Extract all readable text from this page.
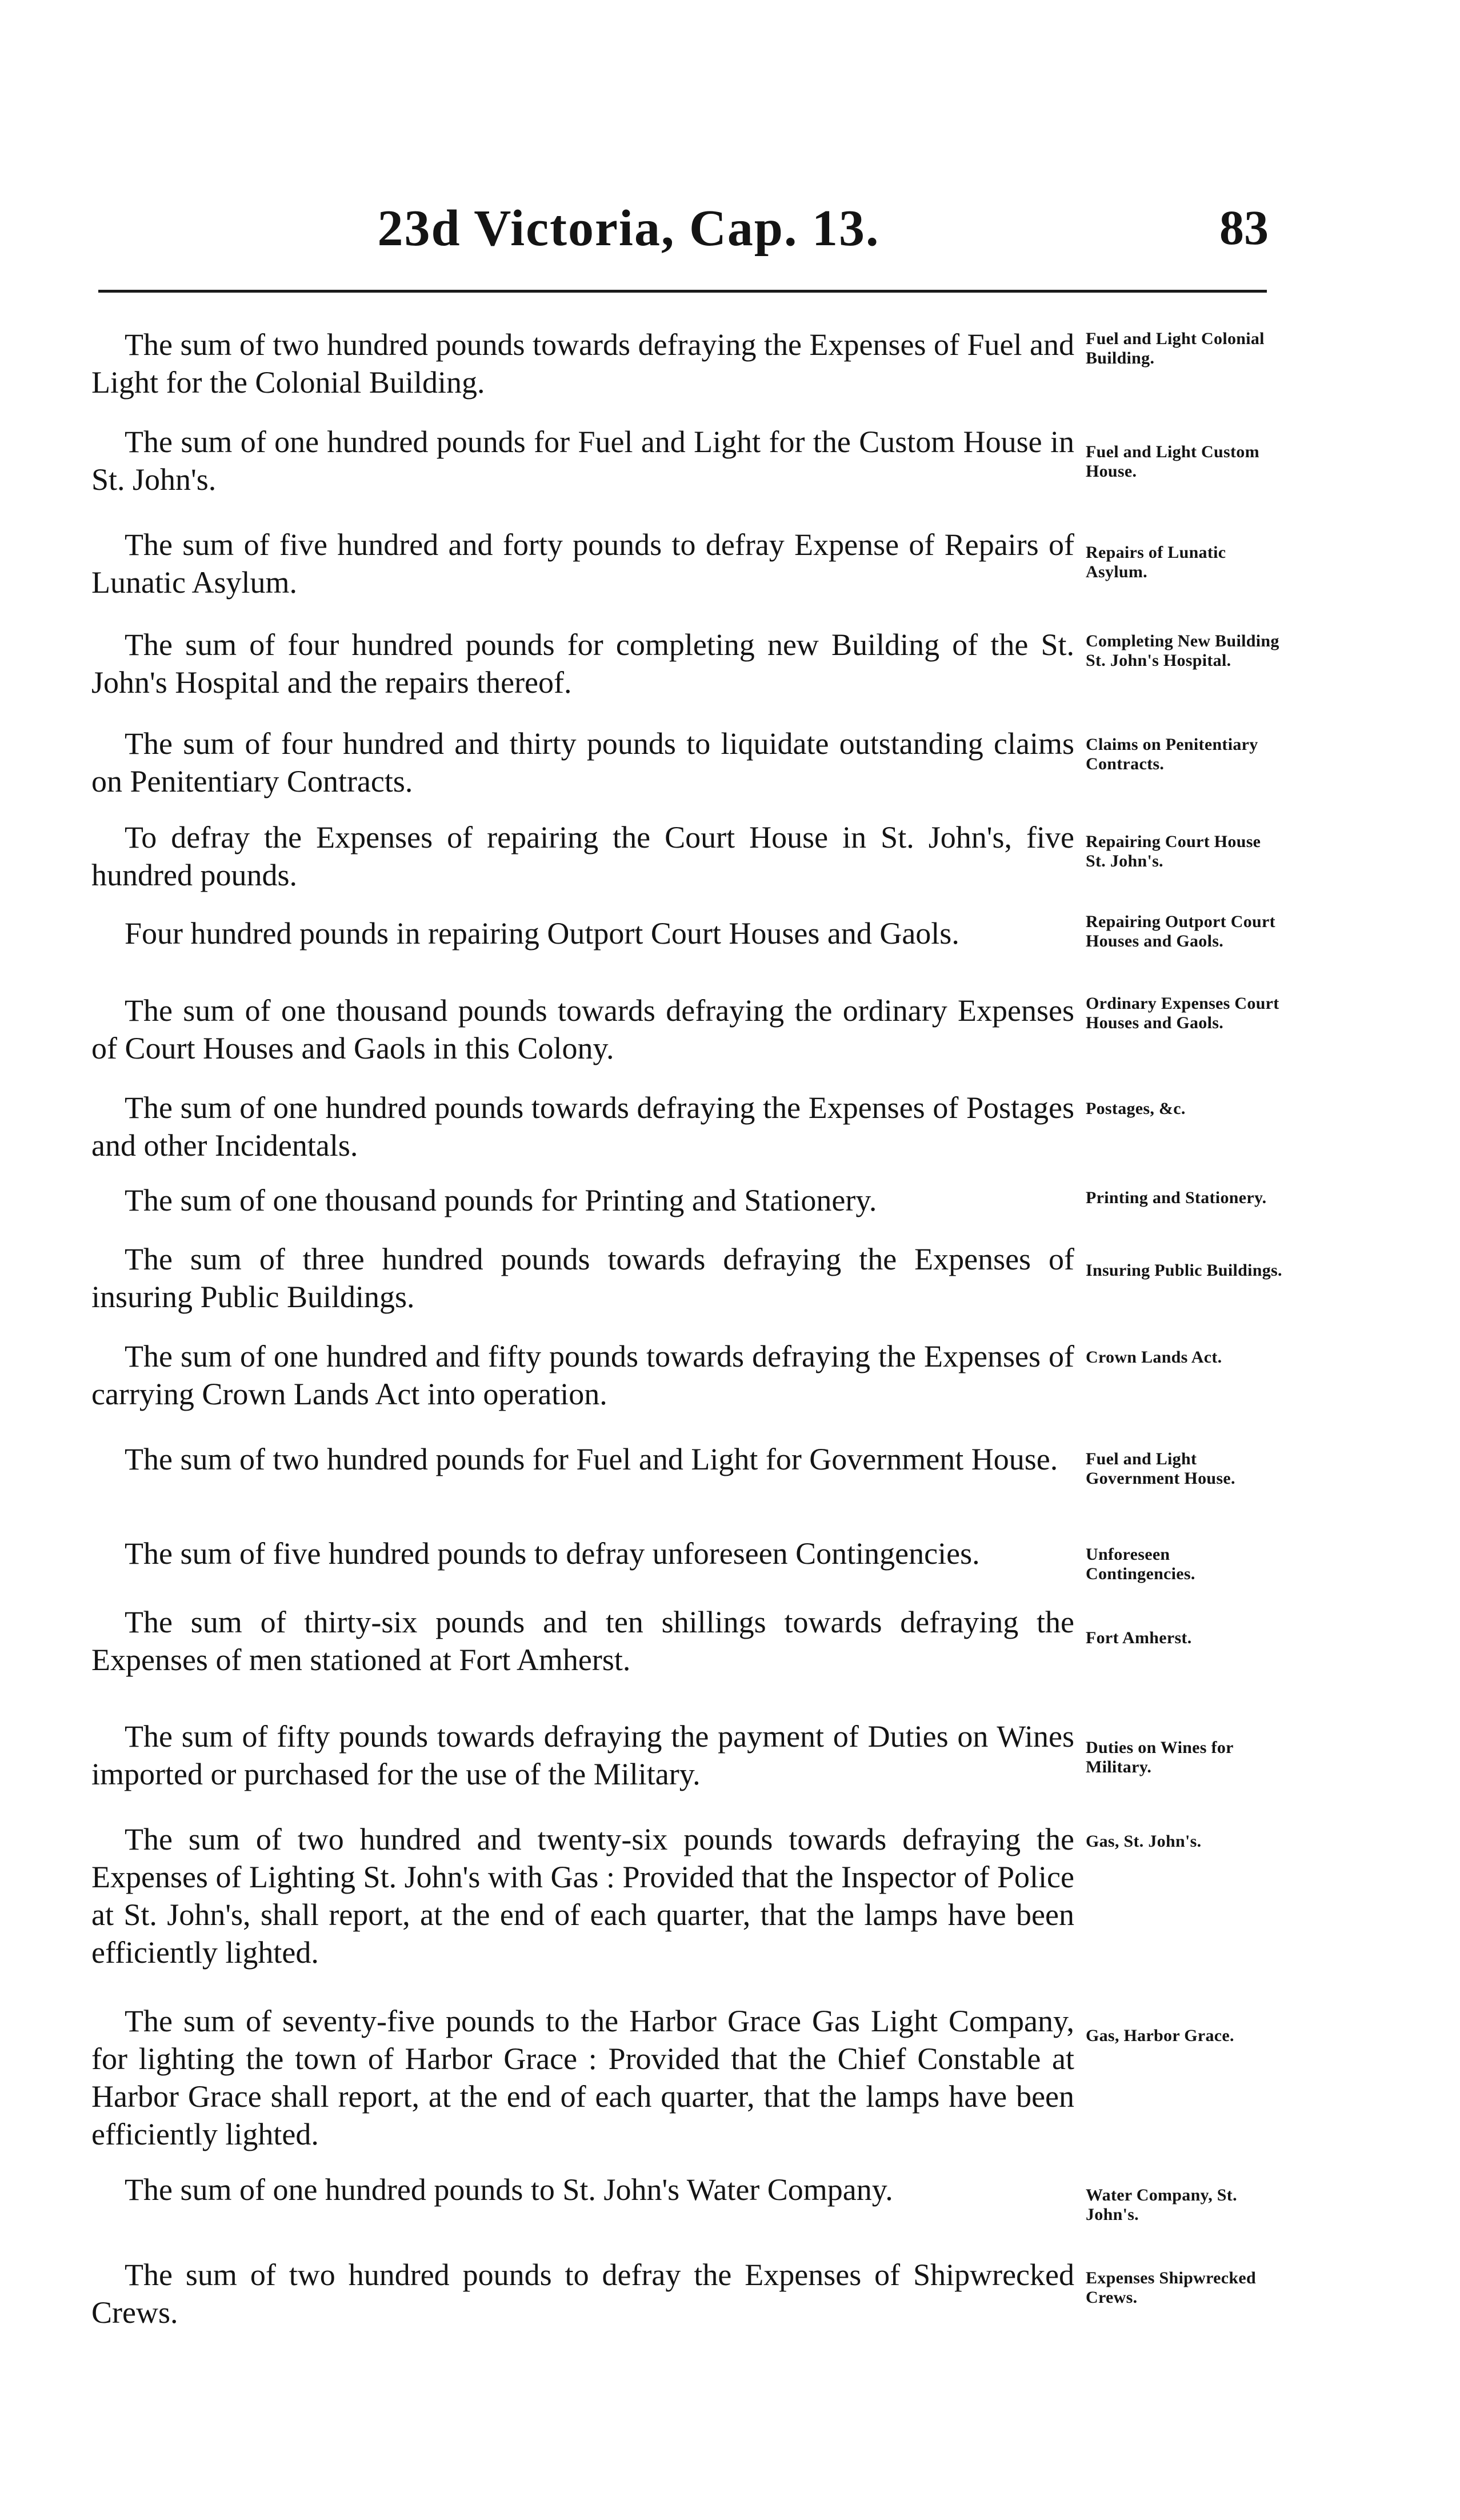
23d Victoria, Cap. 13.	83
The sum of two hundred pounds towards defraying the Expenses of Fuel and Light for the Colonial Building.
Fuel and Light Colonial Building.
The sum of one hundred pounds for Fuel and Light for the Custom House in St. John's.
Fuel and Light Custom House.
The sum of five hundred and forty pounds to defray Expense of Repairs of Lunatic Asylum.
Repairs of Lunatic Asylum.
The sum of four hundred pounds for completing new Building of the St. John's Hospital and the repairs thereof.
Completing New Building St. John's Hospital.
The sum of four hundred and thirty pounds to liquidate outstanding claims on Penitentiary Contracts.
Claims on Penitentiary Contracts.
To defray the Expenses of repairing the Court House in St. John's, five hundred pounds.
Repairing Court House St. John's.
Four hundred pounds in repairing Outport Court Houses and Gaols.	Repairing Outport Court Houses and Gaols.
The sum of one thousand pounds towards defraying the ordinary Expenses of Court Houses and Gaols in this Colony.
Ordinary Expenses Court Houses and Gaols.
The sum of one hundred pounds towards defraying the Expenses of Postages and other Incidentals.
Postages, &c.
The sum of one thousand pounds for Printing and Stationery.	Printing and Stationery.
The sum of three hundred pounds towards defraying the Expenses of insuring Public Buildings.
Insuring Public Buildings.
The sum of one hundred and fifty pounds towards defraying the Expenses of carrying Crown Lands Act into operation.
Crown Lands Act.
The sum of two hundred pounds for Fuel and Light for Government House.	Fuel and Light Government House.
The sum of five hundred pounds to defray unforeseen Contingencies.	Unforeseen Contingencies.
The sum of thirty-six pounds and ten shillings towards defraying the Expenses of men stationed at Fort Amherst.
Fort Amherst.
The sum of fifty pounds towards defraying the payment of Duties on Wines imported or purchased for the use of the Military.
Duties on Wines for Military.
The sum of two hundred and twenty-six pounds towards defraying the Expenses of Lighting St. John's with Gas : Provided that the Inspector of Police at St. John's, shall report, at the end of each quarter, that the lamps have been efficiently lighted.
Gas, St. John's.
The sum of seventy-five pounds to the Harbor Grace Gas Light Company, for lighting the town of Harbor Grace : Provided that the Chief Constable at Harbor Grace shall report, at the end of each quarter, that the lamps have been efficiently lighted.
Gas, Harbor Grace.
The sum of one hundred pounds to St. John's Water Company.	Water Company, St. John's.
The sum of two hundred pounds to defray the Expenses of Shipwrecked Crews.
Expenses Shipwrecked Crews.
